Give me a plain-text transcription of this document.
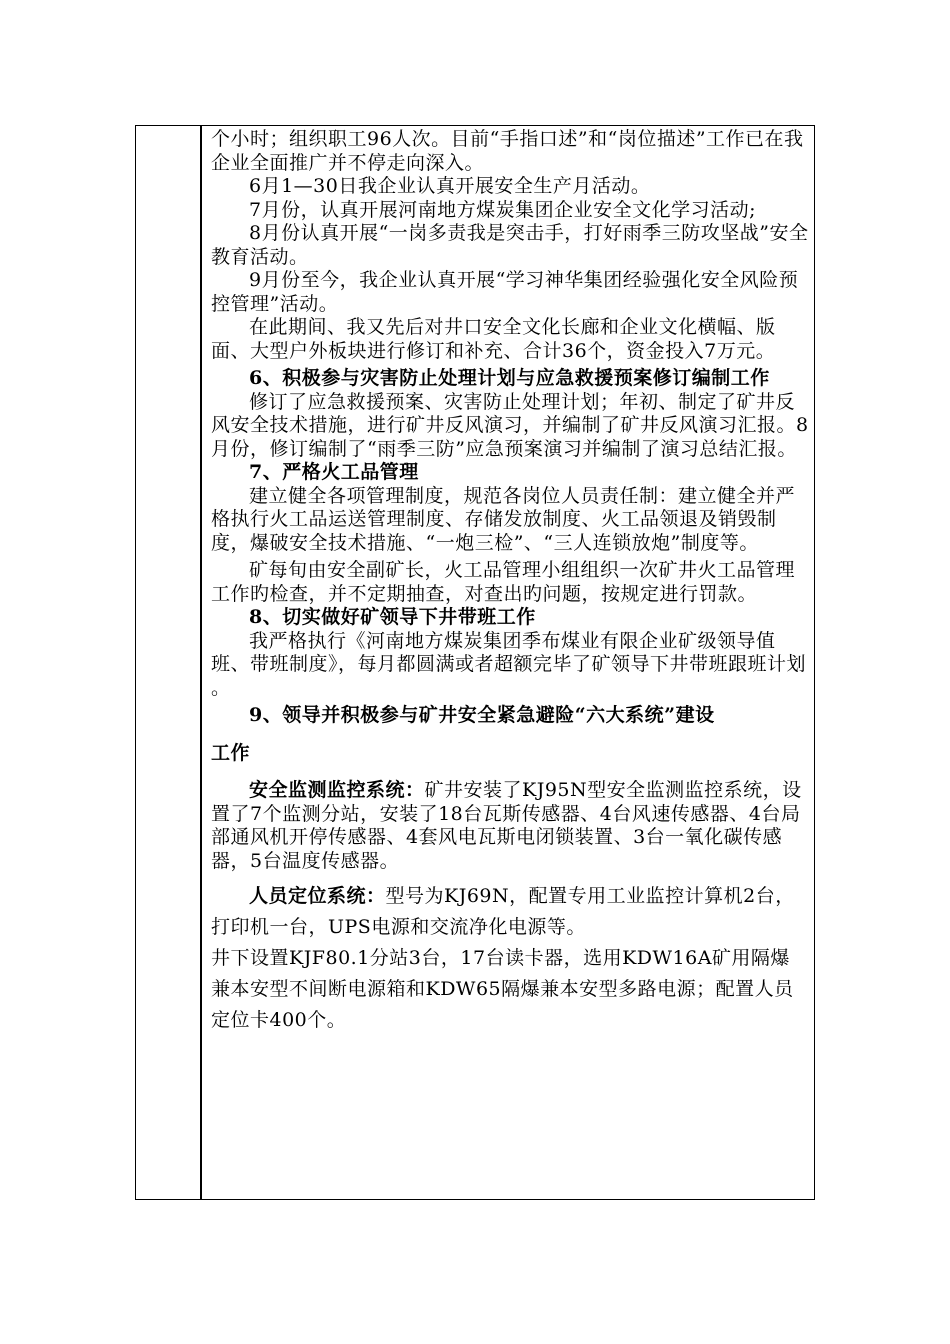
个小时；组织职工96人次。目前“手指口述”和“岗位描述”工作已在我企业全面推广并不停走向深入。

6月1—30日我企业认真开展安全生产月活动。

7月份，认真开展河南地方煤炭集团企业安全文化学习活动;

8月份认真开展“一岗多责我是突击手，打好雨季三防攻坚战”安全教育活动。

9月份至今，我企业认真开展“学习神华集团经验强化安全风险预控管理”活动。

在此期间、我又先后对井口安全文化长廊和企业文化横幅、版面、大型户外板块进行修订和补充、合计36个，资金投入7万元。

6、积极参与灾害防止处理计划与应急救援预案修订编制工作

修订了应急救援预案、灾害防止处理计划；年初、制定了矿井反风安全技术措施，进行矿井反风演习，并编制了矿井反风演习汇报。8月份，修订编制了“雨季三防”应急预案演习并编制了演习总结汇报。

7、严格火工品管理

建立健全各项管理制度，规范各岗位人员责任制：建立健全并严格执行火工品运送管理制度、存储发放制度、火工品领退及销毁制度，爆破安全技术措施、“一炮三检”、“三人连锁放炮”制度等。

矿每旬由安全副矿长，火工品管理小组组织一次矿井火工品管理工作旳检查，并不定期抽查，对查出旳问题，按规定进行罚款。

8、切实做好矿领导下井带班工作

我严格执行《河南地方煤炭集团季布煤业有限企业矿级领导值班、带班制度》，每月都圆满或者超额完毕了矿领导下井带班跟班计划 。

9、领导并积极参与矿井安全紧急避险“六大系统”建设

工作

安全监测监控系统：矿井安装了KJ95N型安全监测监控系统，设置了7个监测分站，安装了18台瓦斯传感器、4台风速传感器、4台局部通风机开停传感器、4套风电瓦斯电闭锁装置、3台一氧化碳传感器，5台温度传感器。

人员定位系统：型号为KJ69N，配置专用工业监控计算机2台，打印机一台，UPS电源和交流净化电源等。

井下设置KJF80.1分站3台，17台读卡器，选用KDW16A矿用隔爆兼本安型不间断电源箱和KDW65隔爆兼本安型多路电源；配置人员定位卡400个。
